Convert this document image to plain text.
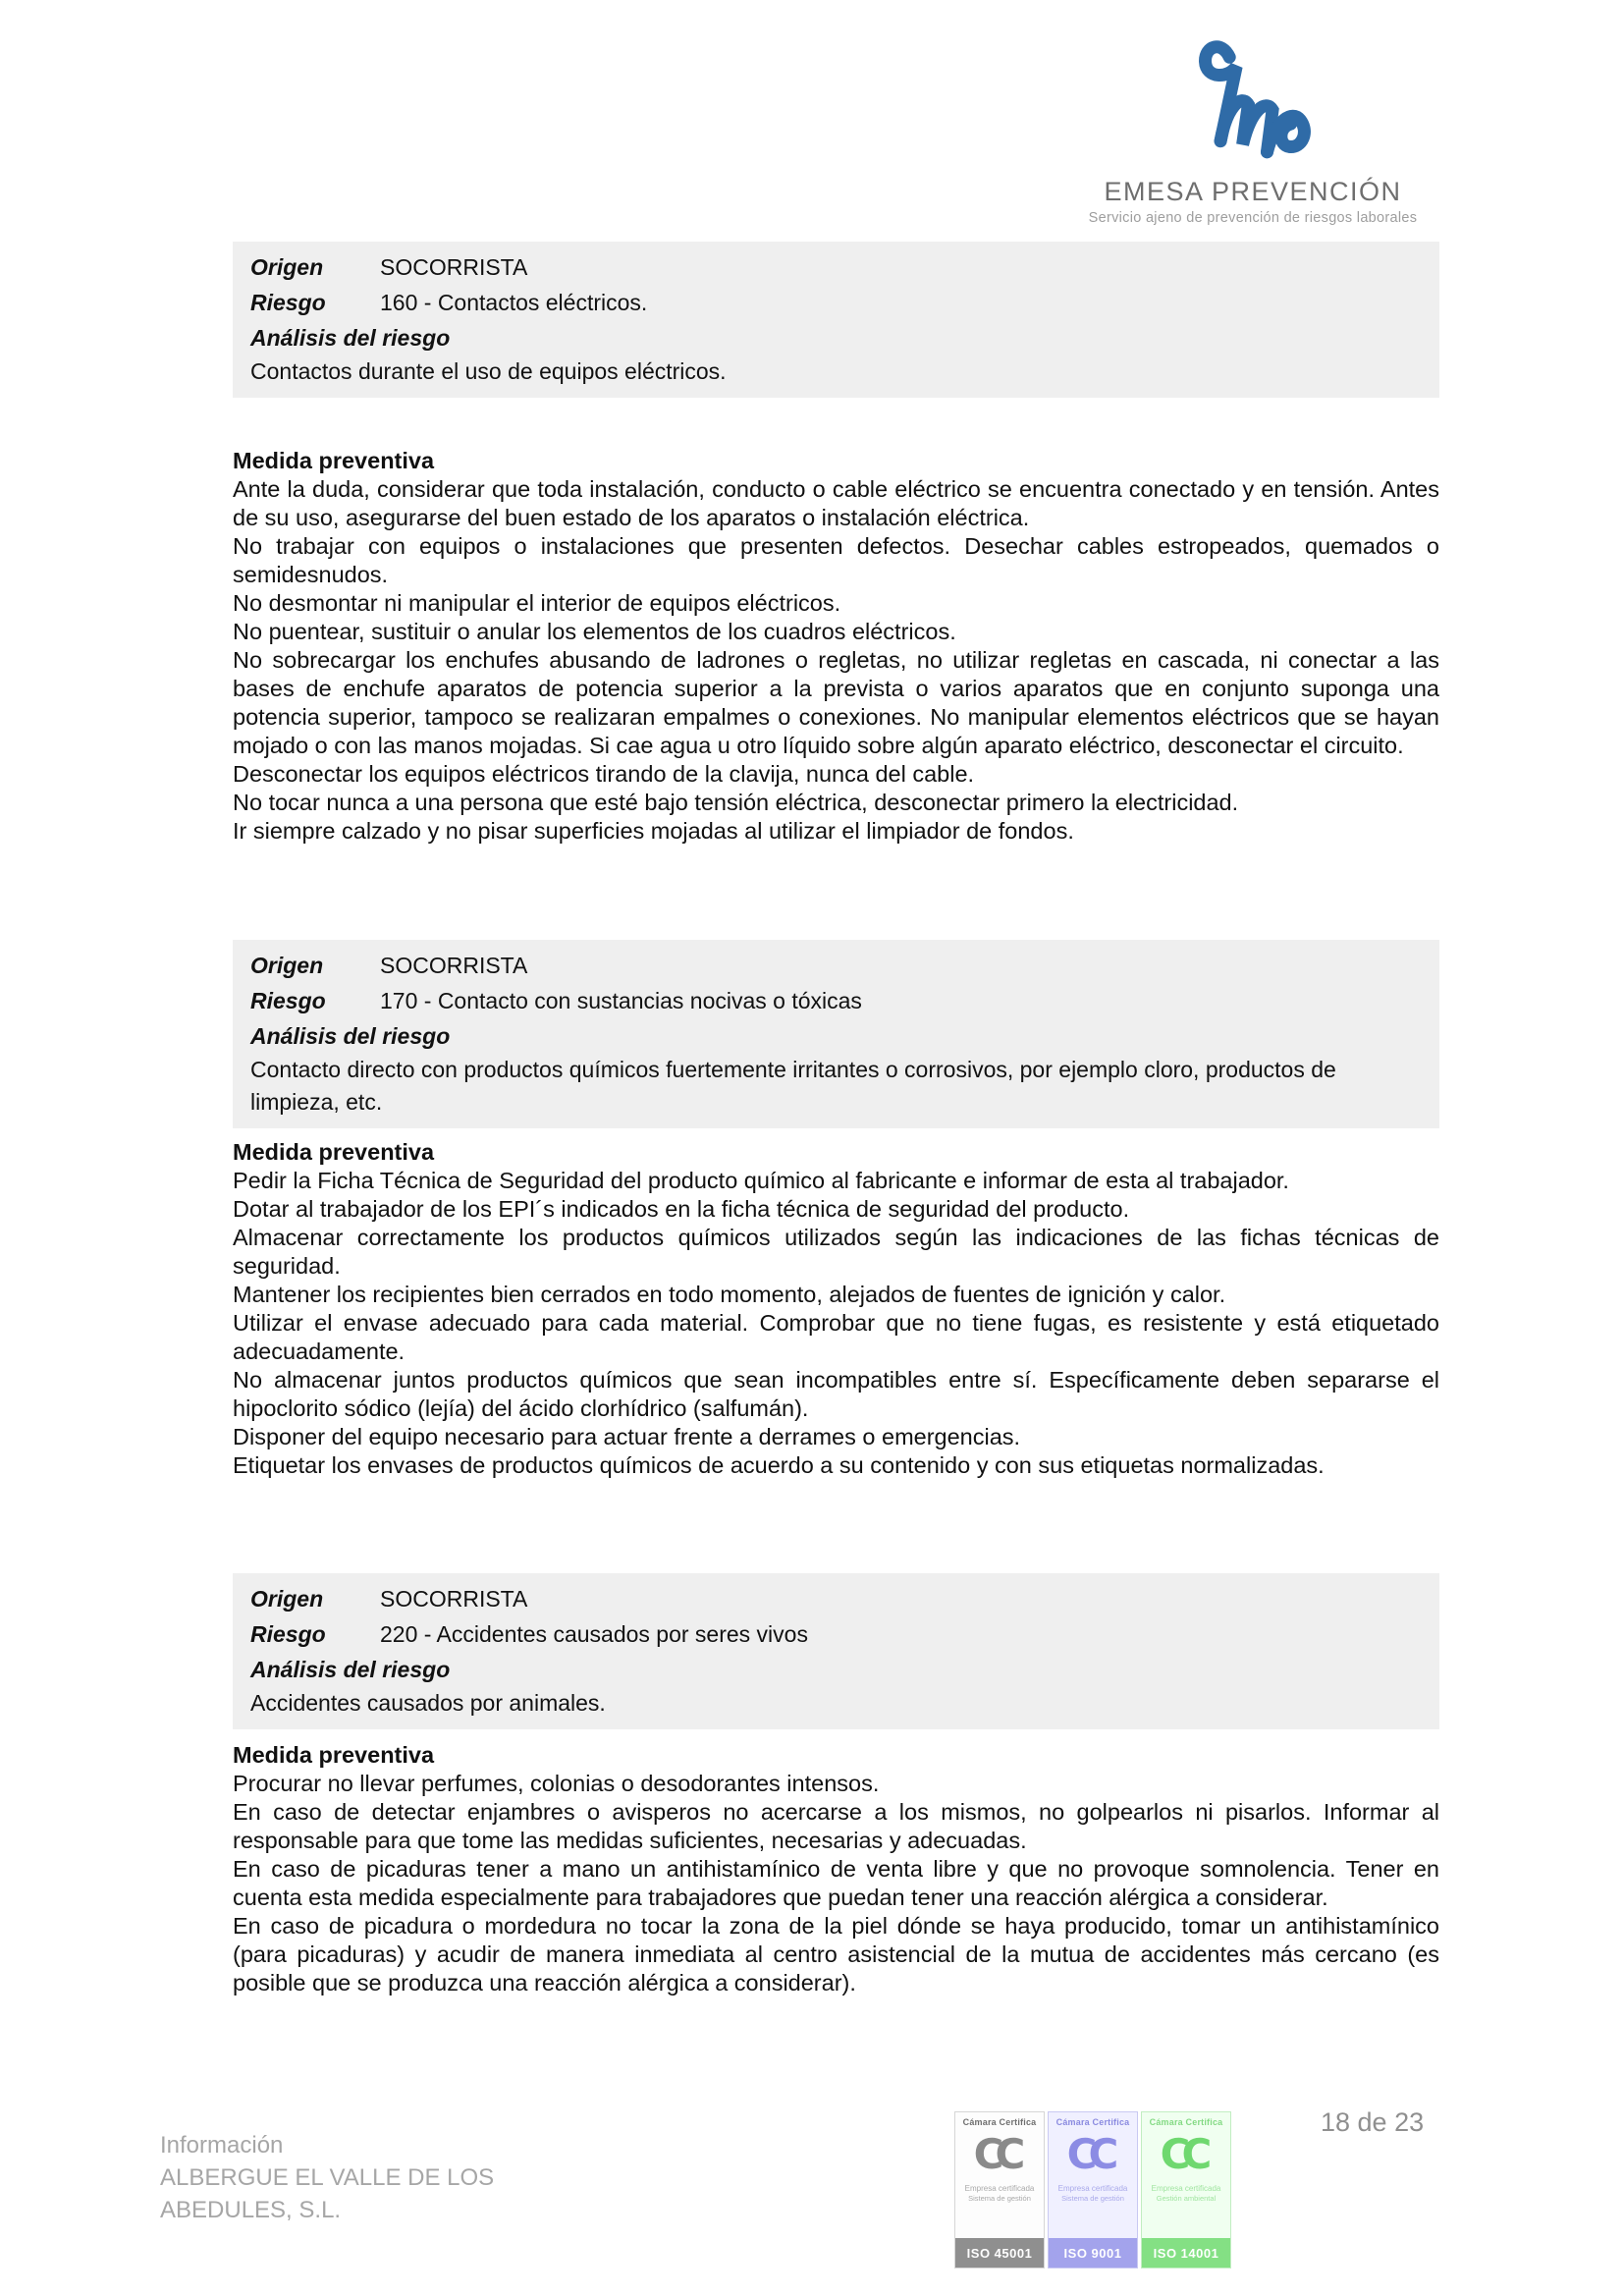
EMESA PREVENCIÓN
Servicio ajeno de prevención de riesgos laborales
Origen	SOCORRISTA
Riesgo	160 - Contactos eléctricos.
Análisis del riesgo
Contactos durante el uso de equipos eléctricos.
Medida preventiva

Ante la duda, considerar que toda instalación, conducto o cable eléctrico se encuentra conectado y en tensión. Antes de su uso, asegurarse del buen estado de los aparatos o instalación eléctrica.

No trabajar con equipos o instalaciones que presenten defectos. Desechar cables estropeados, quemados o semidesnudos.

No desmontar ni manipular el interior de equipos eléctricos.

No puentear, sustituir o anular los elementos de los cuadros eléctricos.

No sobrecargar los enchufes abusando de ladrones o regletas, no utilizar regletas en cascada, ni conectar a las bases de enchufe aparatos de potencia superior a la prevista o varios aparatos que en conjunto suponga una potencia superior, tampoco se realizaran empalmes o conexiones. No manipular elementos eléctricos que se hayan mojado o con las manos mojadas. Si cae agua u otro líquido sobre algún aparato eléctrico, desconectar el circuito.

Desconectar los equipos eléctricos tirando de la clavija, nunca del cable.

No tocar nunca a una persona que esté bajo tensión eléctrica, desconectar primero la electricidad.

Ir siempre calzado y no pisar superficies mojadas al utilizar el limpiador de fondos.

Origen	SOCORRISTA
Riesgo	170 - Contacto con sustancias nocivas o tóxicas
Análisis del riesgo
Contacto directo con productos químicos fuertemente irritantes o corrosivos, por ejemplo cloro, productos de limpieza, etc.
Medida preventiva

Pedir la Ficha Técnica de Seguridad del producto químico al fabricante e informar de esta al trabajador.

Dotar al trabajador de los EPI´s indicados en la ficha técnica de seguridad del producto.

Almacenar correctamente los productos químicos utilizados según las indicaciones de las fichas técnicas de seguridad.

Mantener los recipientes bien cerrados en todo momento, alejados de fuentes de ignición y calor.

Utilizar el envase adecuado para cada material. Comprobar que no tiene fugas, es resistente y está etiquetado adecuadamente.

No almacenar juntos productos químicos que sean incompatibles entre sí. Específicamente deben separarse el hipoclorito sódico (lejía) del ácido clorhídrico (salfumán).

Disponer del equipo necesario para actuar frente a derrames o emergencias.

Etiquetar los envases de productos químicos de acuerdo a su contenido y con sus etiquetas normalizadas.

Origen	SOCORRISTA
Riesgo	220 - Accidentes causados por seres vivos
Análisis del riesgo
Accidentes causados por animales.
Medida preventiva

Procurar no llevar perfumes, colonias o desodorantes intensos.

En caso de detectar enjambres o avisperos no acercarse a los mismos, no golpearlos ni pisarlos. Informar al responsable para que tome las medidas suficientes, necesarias y adecuadas.

En caso de picaduras tener a mano un antihistamínico de venta libre y que no provoque somnolencia. Tener en cuenta esta medida especialmente para trabajadores que puedan tener una reacción alérgica a considerar.

En caso de picadura o mordedura no tocar la zona de la piel dónde se haya producido, tomar un antihistamínico (para picaduras) y acudir de manera inmediata al centro asistencial de la mutua de accidentes más cercano (es posible que se produzca una reacción alérgica a considerar).

Información
ALBERGUE EL VALLE DE LOS
ABEDULES, S.L.
Cámara Certifica
CC
Empresa certificada
Sistema de gestión
ISO 45001
Cámara Certifica
CC
Empresa certificada
Sistema de gestión
ISO 9001
Cámara Certifica
CC
Empresa certificada
Gestión ambiental
ISO 14001
18 de 23
